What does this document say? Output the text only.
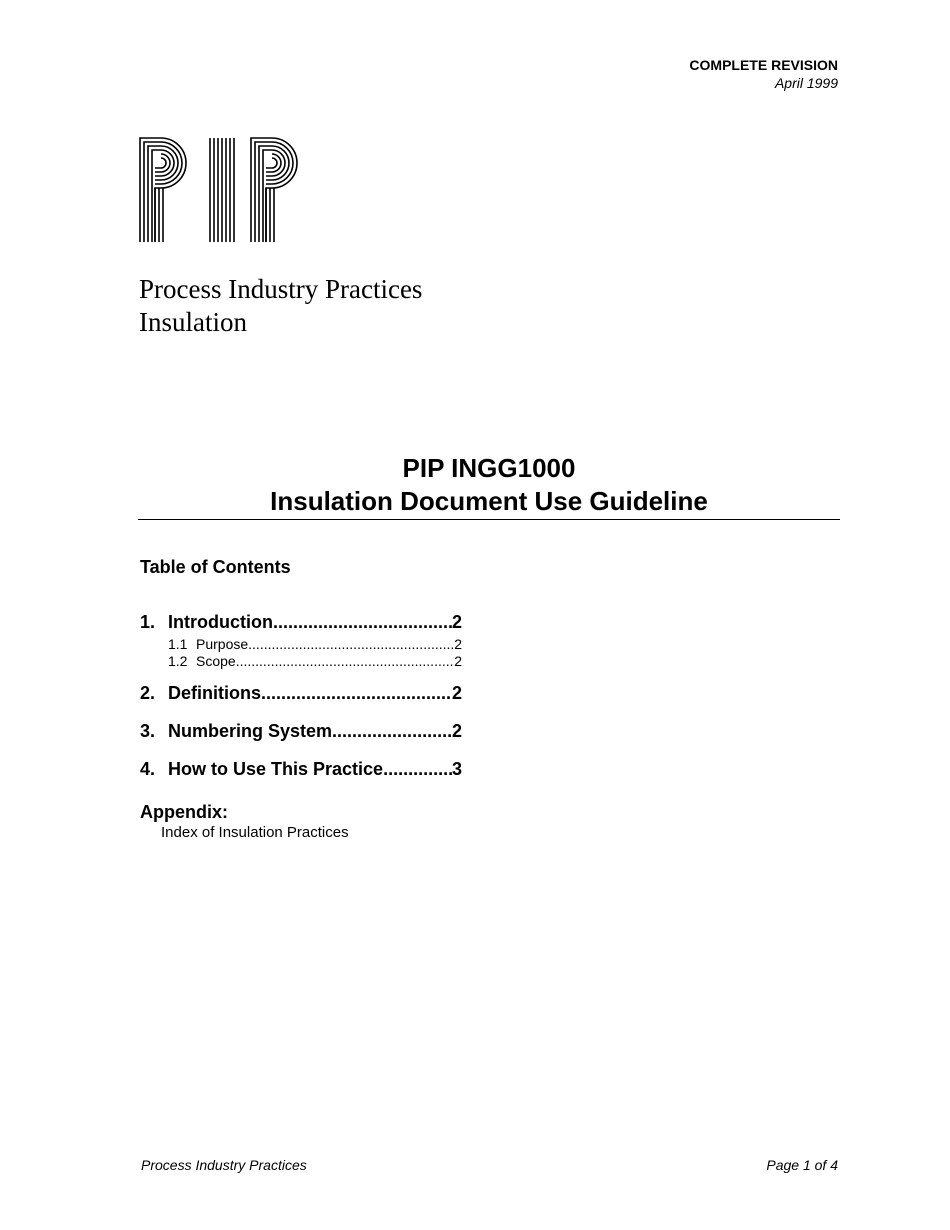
COMPLETE REVISION
April 1999
Process Industry Practices
Insulation
PIP INGG1000
Insulation Document Use Guideline
Table of Contents
1. Introduction .....	2
1.1 Purpose .....	2
1.2 Scope .....	2
2. Definitions .....	2
3. Numbering System .....	2
4. How to Use This Practice .....	3
Appendix:
Index of Insulation Practices
Process Industry Practices	Page 1 of 4
